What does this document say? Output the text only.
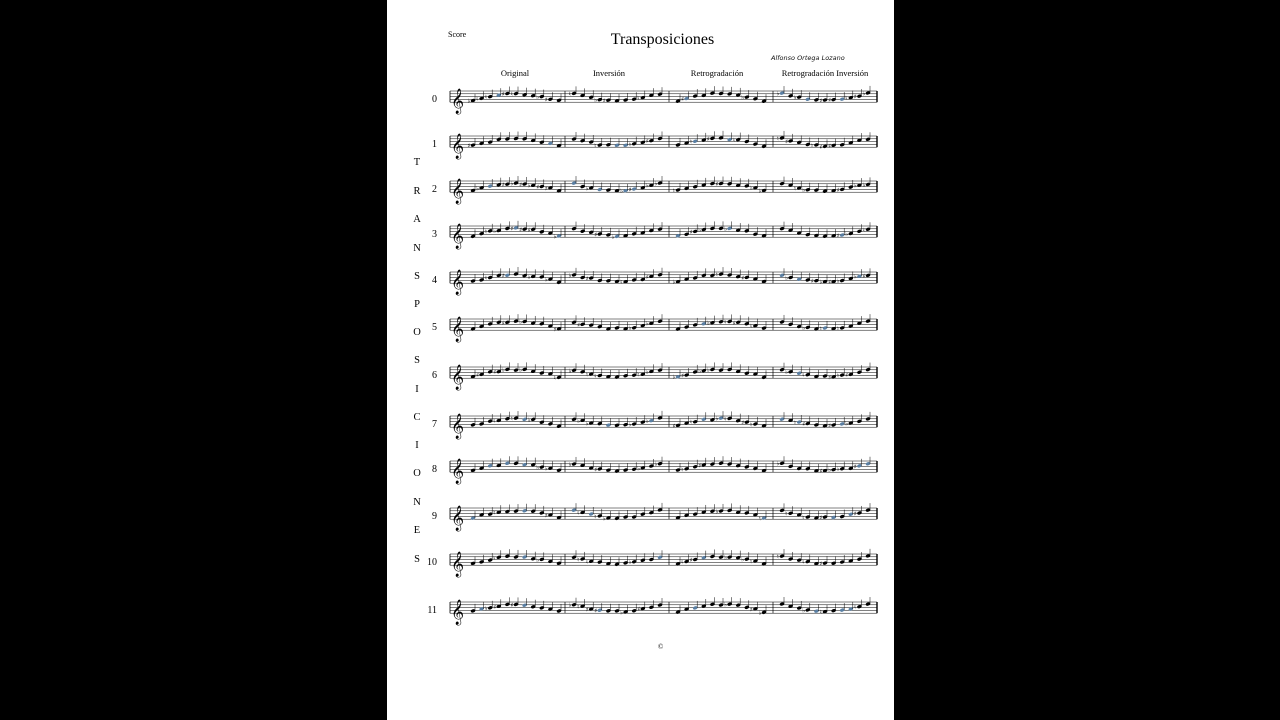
Score	Transposiciones
Alfonso Ortega Lozano
Original	Inversión	Retrogradación	Retrogradación Inversión
T
R
A
N
S
P
O
S
I
C
I
O
N
E
S
0
1
2
3
4
5
6
7
8
9
10
11
𝄞 ♭ ♮ ♮	♯ ♮	♭ ♯
♮
♭ ♯	♮	♯	♭
♭
♭	♯ ♯ ♮ ♯ ♭
𝄞 ♯	♮	♮	♯	♮	♯	♮	♮ ♯
♮ ♯ ♯
𝄞 ♭
♯ ♭ ♯ ♭ ♯ ♯	♭	♭ ♯
♭ ♭
♮
♯
♭ ♭	♮ ♭	♯
♭ ♭
𝄞	♮ ♭ ♯ ♯ ♯
♭	♯ ♭
♯ ♭	♭
♯ ♭
♮
𝄞	♮	♯	♭ ♭
♭ ♯
♮
♯
♭
♮	♯	♭	♯ ♭ ♯ ♭
♭ ♯
𝄞	♯ ♭
♯
♯	♭
♭	♭ ♮ ♯ ♮	♭ ♮	♮
𝄞 ♯ ♯ ♭ ♭
♮
♭
♮ ♮	♮ ♭
♭ ♯
♭ ♭	♭ ♮	♯ ♮ ♯
𝄞	♮	♮	♭	♭ ♭	♭ ♭
♯
♮
♭ ♮
♯ ♮	♮ ♯	♯ ♭
𝄞	♭ ♭
♭
♯	♭
♭
♮
♯	♭
♯ ♭ ♭ ♯
𝄞	♮	♯	♮
♮ ♭
♭
♮
♮
♮	♯
♯
𝄞	♮	♭	♮ ♮	♭	♮ ♯	♭ ♭ ♮
♮
♮	♯
𝄞	♭ ♯ ♯	♭ ♮ ♯ ♯	♭ ♯
♭
♯
♭	♭ ♮
♮
©
